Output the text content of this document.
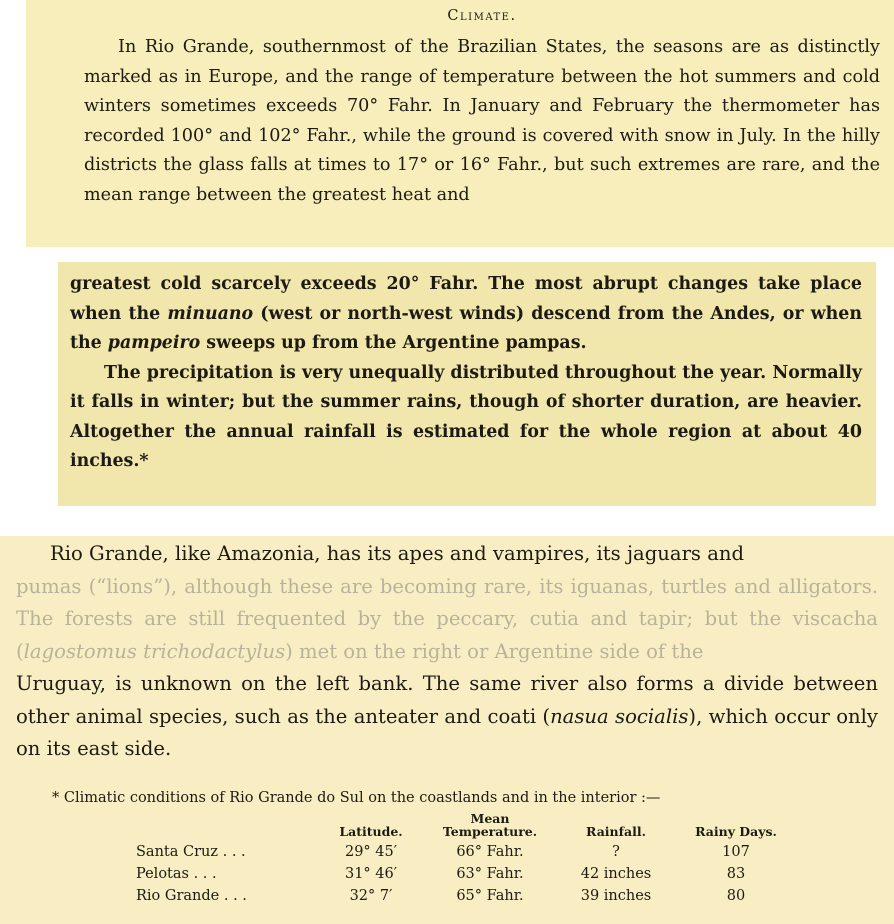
Climate.

In Rio Grande, southernmost of the Brazilian States, the seasons are as distinctly marked as in Europe, and the range of temperature between the hot summers and cold winters sometimes exceeds 70° Fahr. In January and February the thermometer has recorded 100° and 102° Fahr., while the ground is covered with snow in July. In the hilly districts the glass falls at times to 17° or 16° Fahr., but such extremes are rare, and the mean range between the greatest heat and

greatest cold scarcely exceeds 20° Fahr. The most abrupt changes take place when the minuano (west or north-west winds) descend from the Andes, or when the pampeiro sweeps up from the Argentine pampas.

The precipitation is very unequally distributed throughout the year. Normally it falls in winter; but the summer rains, though of shorter duration, are heavier. Altogether the annual rainfall is estimated for the whole region at about 40 inches.*

Rio Grande, like Amazonia, has its apes and vampires, its jaguars and

pumas (“lions”), although these are becoming rare, its iguanas, turtles and alligators. The forests are still frequented by the peccary, cutia and tapir; but the viscacha (lagostomus trichodactylus) met on the right or Argentine side of the

Uruguay, is unknown on the left bank. The same river also forms a divide between other animal species, such as the anteater and coati (nasua socialis), which occur only on its east side.

* Climatic conditions of Rio Grande do Sul on the coastlands and in the interior :—
	Latitude.	Mean Temperature.	Rainfall.	Rainy Days.
Santa Cruz . . .	29° 45′	66° Fahr.	?	107
Pelotas . . .	31° 46′	63° Fahr.	42 inches	83
Rio Grande . . .	32° 7′	65° Fahr.	39 inches	80
